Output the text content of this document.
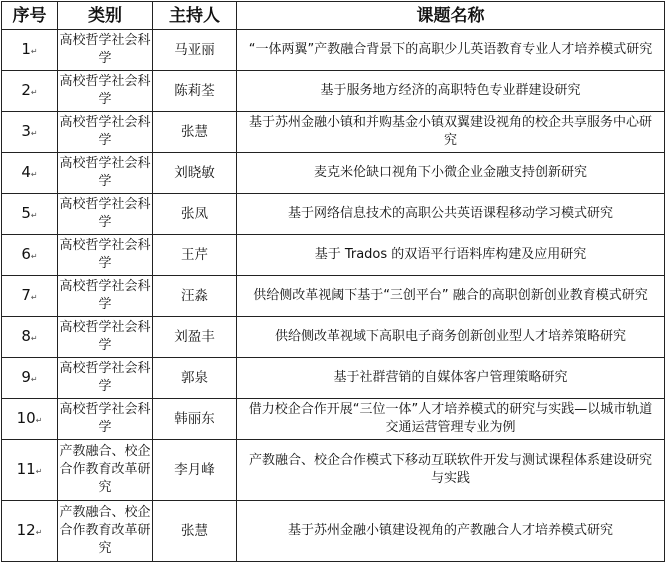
序号	类别	主持人	课题名称
1↵	高校哲学社会科学	马亚丽	“一体两翼”产教融合背景下的高职少儿英语教育专业人才培养模式研究
2↵	高校哲学社会科学	陈莉荃	基于服务地方经济的高职特色专业群建设研究
3↵	高校哲学社会科学	张慧	基于苏州金融小镇和并购基金小镇双翼建设视角的校企共享服务中心研究
4↵	高校哲学社会科学	刘晓敏	麦克米伦缺口视角下小微企业金融支持创新研究
5↵	高校哲学社会科学	张凤	基于网络信息技术的高职公共英语课程移动学习模式研究
6↵	高校哲学社会科学	王芹	基于 Trados 的双语平行语料库构建及应用研究
7↵	高校哲学社会科学	汪淼	供给侧改革视阈下基于“三创平台” 融合的高职创新创业教育模式研究
8↵	高校哲学社会科学	刘盈丰	供给侧改革视域下高职电子商务创新创业型人才培养策略研究
9↵	高校哲学社会科学	郭泉	基于社群营销的自媒体客户管理策略研究
10↵	高校哲学社会科学	韩丽东	借力校企合作开展“三位一体”人才培养模式的研究与实践—以城市轨道交通运营管理专业为例
11↵	产教融合、校企合作教育改革研究	李月峰	产教融合、校企合作模式下移动互联软件开发与测试课程体系建设研究与实践
12↵	产教融合、校企合作教育改革研究	张慧	基于苏州金融小镇建设视角的产教融合人才培养模式研究
